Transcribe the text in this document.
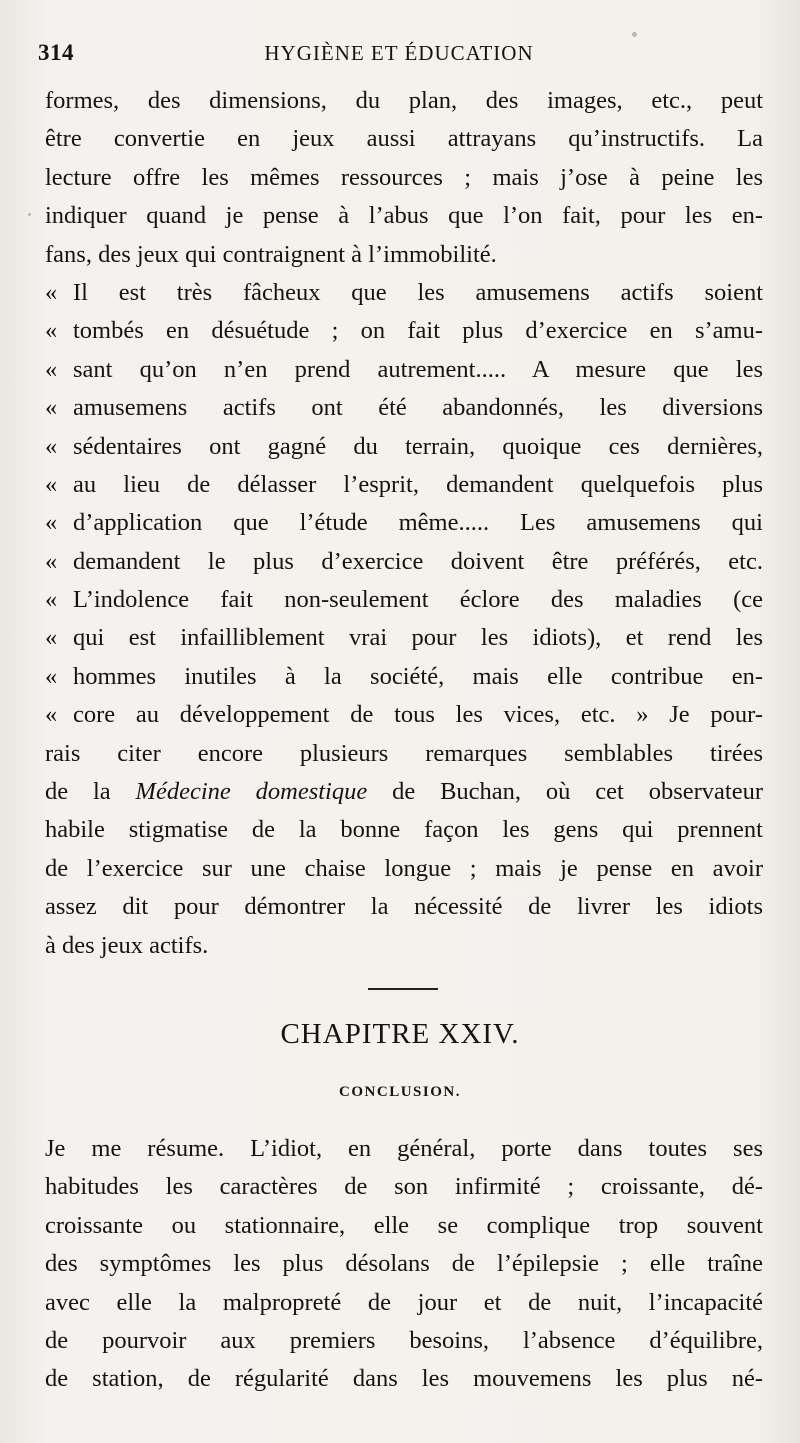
314	HYGIÈNE ET ÉDUCATION
formes, des dimensions, du plan, des images, etc., peut
être convertie en jeux aussi attrayans qu’instructifs. La
lecture offre les mêmes ressources ; mais j’ose à peine les
indiquer quand je pense à l’abus que l’on fait, pour les en-
fans, des jeux qui contraignent à l’immobilité.
« Il est très fâcheux que les amusemens actifs soient
« tombés en désuétude ; on fait plus d’exercice en s’amu-
« sant qu’on n’en prend autrement..... A mesure que les
« amusemens actifs ont été abandonnés, les diversions
« sédentaires ont gagné du terrain, quoique ces dernières,
« au lieu de délasser l’esprit, demandent quelquefois plus
« d’application que l’étude même..... Les amusemens qui
« demandent le plus d’exercice doivent être préférés, etc.
« L’indolence fait non-seulement éclore des maladies (ce
« qui est infailliblement vrai pour les idiots), et rend les
« hommes inutiles à la société, mais elle contribue en-
« core au développement de tous les vices, etc. » Je pour-
rais citer encore plusieurs remarques semblables tirées
de la Médecine domestique de Buchan, où cet observateur
habile stigmatise de la bonne façon les gens qui prennent
de l’exercice sur une chaise longue ; mais je pense en avoir
assez dit pour démontrer la nécessité de livrer les idiots
à des jeux actifs.
CHAPITRE XXIV.
CONCLUSION.
Je me résume. L’idiot, en général, porte dans toutes ses
habitudes les caractères de son infirmité ; croissante, dé-
croissante ou stationnaire, elle se complique trop souvent
des symptômes les plus désolans de l’épilepsie ; elle traîne
avec elle la malpropreté de jour et de nuit, l’incapacité
de pourvoir aux premiers besoins, l’absence d’équilibre,
de station, de régularité dans les mouvemens les plus né-
